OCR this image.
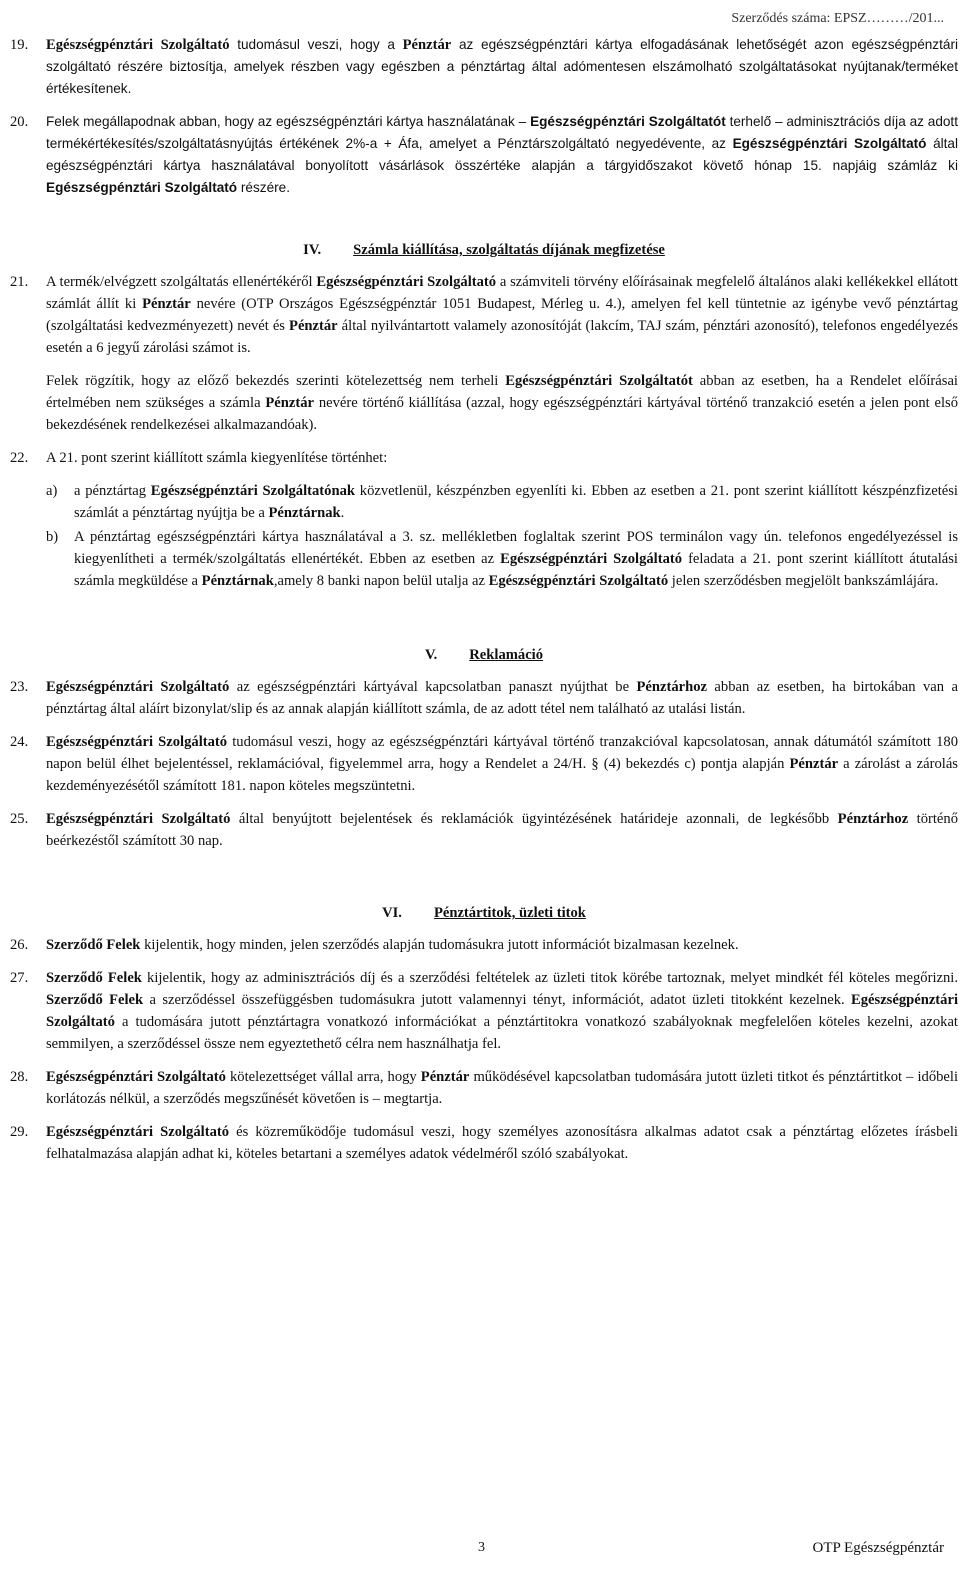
Szerződés száma: EPSZ………/201...
19.	Egészségpénztári Szolgáltató tudomásul veszi, hogy a Pénztár az egészségpénztári kártya elfogadásának lehetőségét azon egészségpénztári szolgáltató részére biztosítja, amelyek részben vagy egészben a pénztártag által adómentesen elszámolható szolgáltatásokat nyújtanak/terméket értékesítenek.
20.	Felek megállapodnak abban, hogy az egészségpénztári kártya használatának – Egészségpénztári Szolgáltatót terhelő – adminisztrációs díja az adott termékértékesítés/szolgáltatásnyújtás értékének 2%-a + Áfa, amelyet a Pénztárszolgáltató negyedévente, az Egészségpénztári Szolgáltató által egészségpénztári kártya használatával bonyolított vásárlások összértéke alapján a tárgyidőszakot követő hónap 15. napjáig számláz ki Egészségpénztári Szolgáltató részére.
IV. Számla kiállítása, szolgáltatás díjának megfizetése
21.	A termék/elvégzett szolgáltatás ellenértékéről Egészségpénztári Szolgáltató a számviteli törvény előírásainak megfelelő általános alaki kellékekkel ellátott számlát állít ki Pénztár nevére (OTP Országos Egészségpénztár 1051 Budapest, Mérleg u. 4.), amelyen fel kell tüntetnie az igénybe vevő pénztártag (szolgáltatási kedvezményezett) nevét és Pénztár által nyilvántartott valamely azonosítóját (lakcím, TAJ szám, pénztári azonosító), telefonos engedélyezés esetén a 6 jegyű zárolási számot is.
Felek rögzítik, hogy az előző bekezdés szerinti kötelezettség nem terheli Egészségpénztári Szolgáltatót abban az esetben, ha a Rendelet előírásai értelmében nem szükséges a számla Pénztár nevére történő kiállítása (azzal, hogy egészségpénztári kártyával történő tranzakció esetén a jelen pont első bekezdésének rendelkezései alkalmazandóak).
22.	A 21. pont szerint kiállított számla kiegyenlítése történhet:
a)	a pénztártag Egészségpénztári Szolgáltatónak közvetlenül, készpénzben egyenlíti ki. Ebben az esetben a 21. pont szerint kiállított készpénzfizetési számlát a pénztártag nyújtja be a Pénztárnak.
b)	A pénztártag egészségpénztári kártya használatával a 3. sz. mellékletben foglaltak szerint POS terminálon vagy ún. telefonos engedélyezéssel is kiegyenlítheti a termék/szolgáltatás ellenértékét. Ebben az esetben az Egészségpénztári Szolgáltató feladata a 21. pont szerint kiállított átutalási számla megküldése a Pénztárnak,amely 8 banki napon belül utalja az Egészségpénztári Szolgáltató jelen szerződésben megjelölt bankszámlájára.
V. Reklamáció
23.	Egészségpénztári Szolgáltató az egészségpénztári kártyával kapcsolatban panaszt nyújthat be Pénztárhoz abban az esetben, ha birtokában van a pénztártag által aláírt bizonylat/slip és az annak alapján kiállított számla, de az adott tétel nem található az utalási listán.
24.	Egészségpénztári Szolgáltató tudomásul veszi, hogy az egészségpénztári kártyával történő tranzakcióval kapcsolatosan, annak dátumától számított 180 napon belül élhet bejelentéssel, reklamációval, figyelemmel arra, hogy a Rendelet a 24/H. § (4) bekezdés c) pontja alapján Pénztár a zárolást a zárolás kezdeményezésétől számított 181. napon köteles megszüntetni.
25.	Egészségpénztári Szolgáltató által benyújtott bejelentések és reklamációk ügyintézésének határideje azonnali, de legkésőbb Pénztárhoz történő beérkezéstől számított 30 nap.
VI. Pénztártitok, üzleti titok
26.	Szerződő Felek kijelentik, hogy minden, jelen szerződés alapján tudomásukra jutott információt bizalmasan kezelnek.
27.	Szerződő Felek kijelentik, hogy az adminisztrációs díj és a szerződési feltételek az üzleti titok körébe tartoznak, melyet mindkét fél köteles megőrizni. Szerződő Felek a szerződéssel összefüggésben tudomásukra jutott valamennyi tényt, információt, adatot üzleti titokként kezelnek. Egészségpénztári Szolgáltató a tudomására jutott pénztártagra vonatkozó információkat a pénztártitokra vonatkozó szabályoknak megfelelően köteles kezelni, azokat semmilyen, a szerződéssel össze nem egyeztethető célra nem használhatja fel.
28.	Egészségpénztári Szolgáltató kötelezettséget vállal arra, hogy Pénztár működésével kapcsolatban tudomására jutott üzleti titkot és pénztártitkot – időbeli korlátozás nélkül, a szerződés megszűnését követően is – megtartja.
29.	Egészségpénztári Szolgáltató és közreműködője tudomásul veszi, hogy személyes azonosításra alkalmas adatot csak a pénztártag előzetes írásbeli felhatalmazása alapján adhat ki, köteles betartani a személyes adatok védelméről szóló szabályokat.
3	OTP Egészségpénztár
